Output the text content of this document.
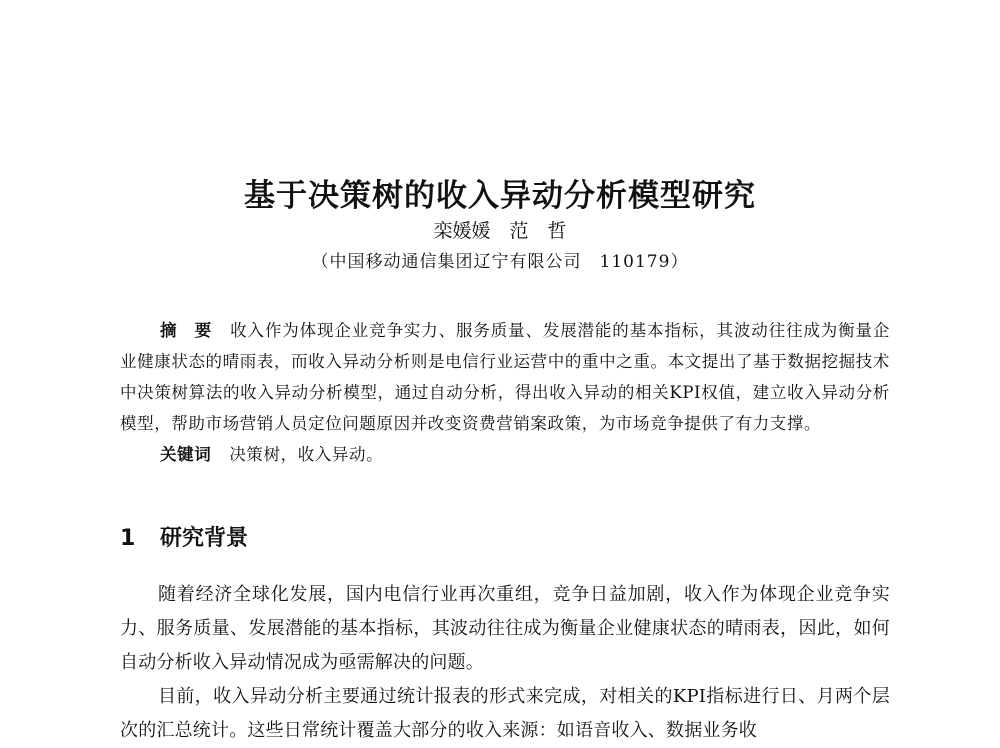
基于决策树的收入异动分析模型研究
栾媛媛　范　哲
（中国移动通信集团辽宁有限公司　110179）

摘　要 收入作为体现企业竞争实力、服务质量、发展潜能的基本指标，其波动往往成为衡量企业健康状态的晴雨表，而收入异动分析则是电信行业运营中的重中之重。本文提出了基于数据挖掘技术中决策树算法的收入异动分析模型，通过自动分析，得出收入异动的相关KPI权值，建立收入异动分析模型，帮助市场营销人员定位问题原因并改变资费营销案政策，为市场竞争提供了有力支撑。

关键词 决策树，收入异动。

1 研究背景

随着经济全球化发展，国内电信行业再次重组，竞争日益加剧，收入作为体现企业竞争实力、服务质量、发展潜能的基本指标，其波动往往成为衡量企业健康状态的晴雨表，因此，如何自动分析收入异动情况成为亟需解决的问题。

目前，收入异动分析主要通过统计报表的形式来完成，对相关的KPI指标进行日、月两个层次的汇总统计。这些日常统计覆盖大部分的收入来源：如语音收入、数据业务收
